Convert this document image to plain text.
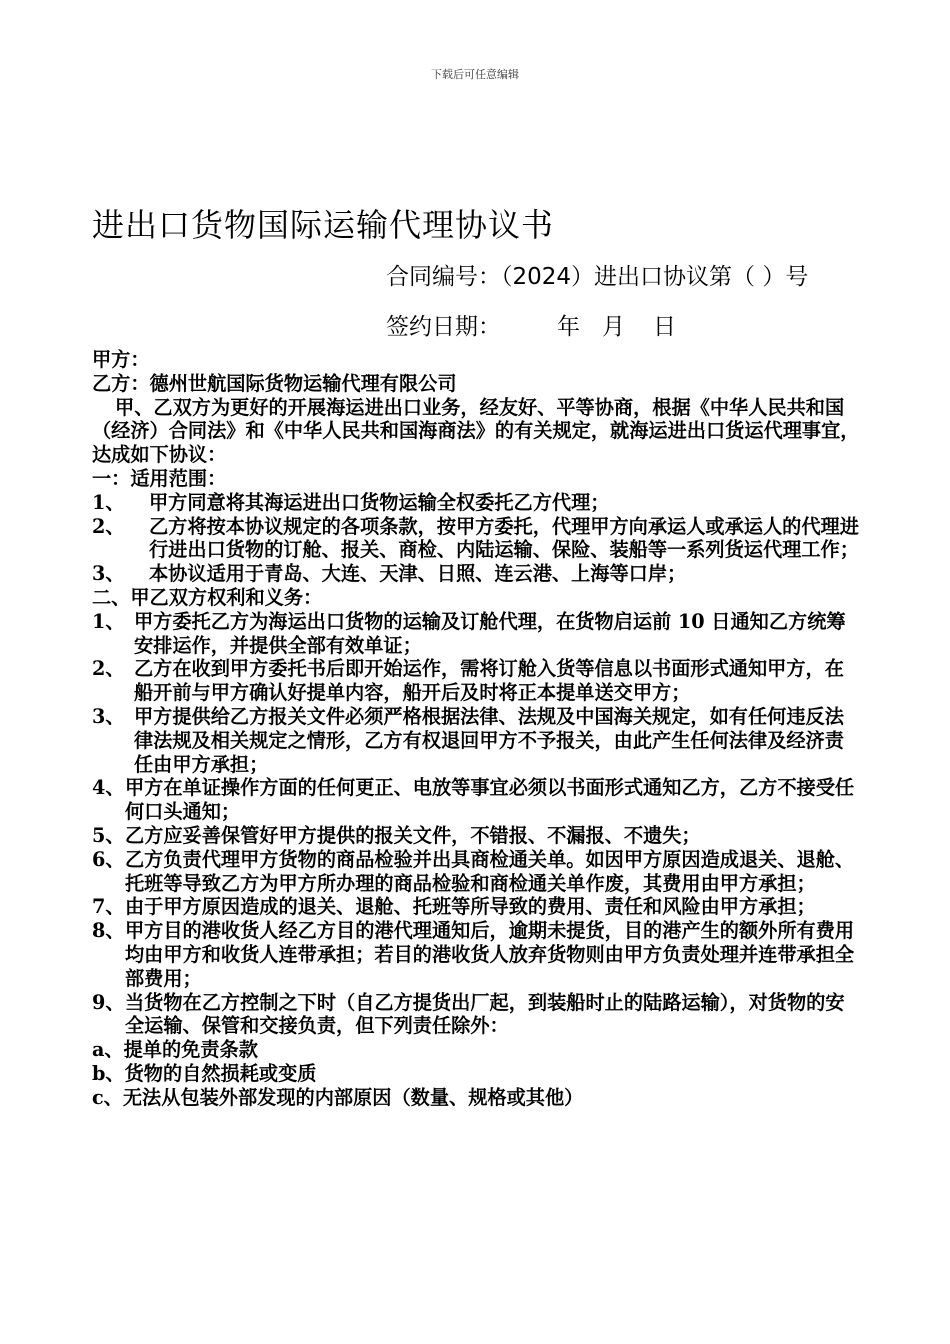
下载后可任意编辑
进出口货物国际运输代理协议书
合同编号：（2024）进出口协议第（ ）号
签约日期： 年 月 日

甲方：

乙方：德州世航国际货物运输代理有限公司

甲、乙双方为更好的开展海运进出口业务，经友好、平等协商，根据《中华人民共和国（经济）合同法》和《中华人民共和国海商法》的有关规定，就海运进出口货运代理事宜，达成如下协议：

一：适用范围：

1、	甲方同意将其海运进出口货物运输全权委托乙方代理；
2、	乙方将按本协议规定的各项条款，按甲方委托，代理甲方向承运人或承运人的代理进行进出口货物的订舱、报关、商检、内陆运输、保险、装船等一系列货运代理工作；
3、	本协议适用于青岛、大连、天津、日照、连云港、上海等口岸；

二、甲乙双方权利和义务：

1、 甲方委托乙方为海运出口货物的运输及订舱代理，在货物启运前 10 日通知乙方统筹安排运作，并提供全部有效单证；
2、 乙方在收到甲方委托书后即开始运作，需将订舱入货等信息以书面形式通知甲方，在船开前与甲方确认好提单内容，船开后及时将正本提单送交甲方；
3、 甲方提供给乙方报关文件必须严格根据法律、法规及中国海关规定，如有任何违反法律法规及相关规定之情形，乙方有权退回甲方不予报关，由此产生任何法律及经济责任由甲方承担；
4、 甲方在单证操作方面的任何更正、电放等事宜必须以书面形式通知乙方，乙方不接受任何口头通知；
5、 乙方应妥善保管好甲方提供的报关文件，不错报、不漏报、不遗失；
6、 乙方负责代理甲方货物的商品检验并出具商检通关单。如因甲方原因造成退关、退舱、托班等导致乙方为甲方所办理的商品检验和商检通关单作废，其费用由甲方承担；
7、 由于甲方原因造成的退关、退舱、托班等所导致的费用、责任和风险由甲方承担；
8、 甲方目的港收货人经乙方目的港代理通知后，逾期未提货，目的港产生的额外所有费用均由甲方和收货人连带承担；若目的港收货人放弃货物则由甲方负责处理并连带承担全部费用；
9、 当货物在乙方控制之下时（自乙方提货出厂起，到装船时止的陆路运输），对货物的安全运输、保管和交接负责，但下列责任除外：
a、 提单的免责条款
b、 货物的自然损耗或变质
c、 无法从包装外部发现的内部原因（数量、规格或其他）
